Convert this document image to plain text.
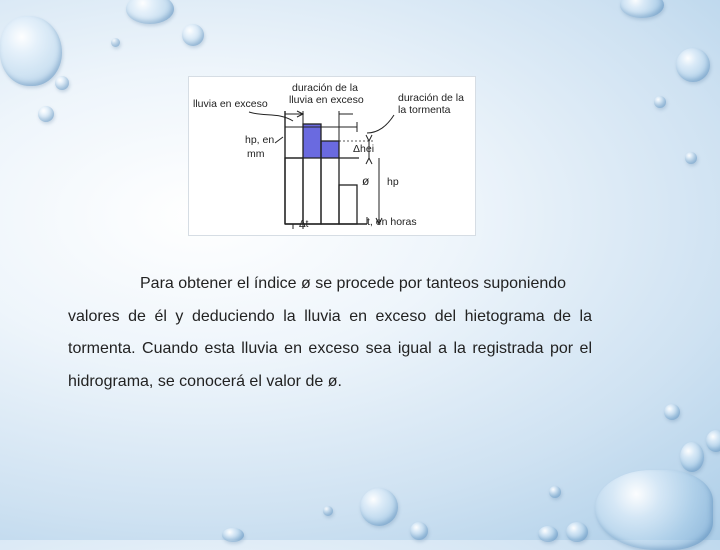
lluvia en exceso
duración de la
lluvia en exceso	duración de la
la tormenta
hp, en
mm	Δhei
ø hp
Δt	t, en horas
Para obtener el índice ø se procede por tanteos suponiendo
valores de él y deduciendo la lluvia en exceso del hietograma de la
tormenta. Cuando esta lluvia en exceso sea igual a la registrada por el
hidrograma, se conocerá el valor de ø.
